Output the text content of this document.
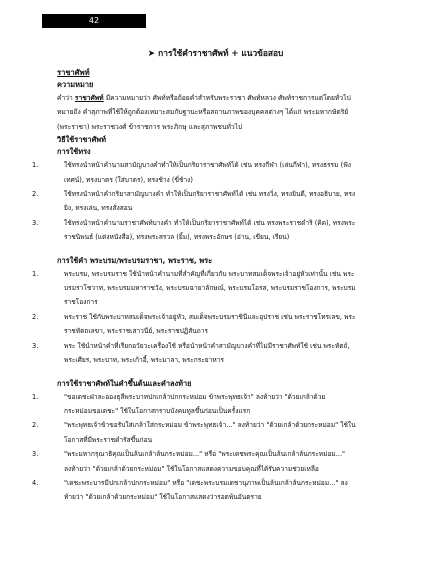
42
➤ การใช้คำราชาศัพท์ + แนวข้อสอบ
ราชาศัพท์
ความหมาย
คำว่า ราชาศัพท์ มีความหมายว่า ศัพท์หรือถ้อยคำสำหรับพระราชา ศัพท์หลวง ศัพท์ราชการแต่โดยทั่วไป
หมายถึง คำสุภาพที่ใช้ให้ถูกต้องเหมาะสมกับฐานะหรือสถานภาพของบุคคลต่างๆ ได้แก่ พระมหากษัตริย์
(พระราชา) พระราชวงศ์ ข้าราชการ พระภิกษุ และสุภาพชนทั่วไป
วิธีใช้ราชาศัพท์
การใช้ทรง
1.	ใช้ทรงนำหน้าคำนามสามัญบางคำทำให้เป็นกริยาราชาศัพท์ได้ เช่น ทรงกีฬา (เล่นกีฬา), ทรงธรรม (ฟัง
เทศน์), ทรงบาตร (ใส่บาตร), ทรงช้าง (ขี่ช้าง)
2.	ใช้ทรงนำหน้าคำกริยาสามัญบางคำ ทำให้เป็นกริยาราชาศัพท์ได้ เช่น ทรงวิ่ง, ทรงยินดี, ทรงอธิบาย, ทรง
ยิง, ทรงเล่น, ทรงสั่งสอน
3.	ใช้ทรงนำหน้าคำนามราชาศัพท์บางคำ ทำให้เป็นกริยาราชาศัพท์ได้ เช่น ทรงพระราชดำริ (คิด), ทรงพระ
ราชนิพนธ์ (แต่งหนังสือ), ทรงพระสรวล (ยิ้ม), ทรงพระอักษร (อ่าน, เขียน, เรียน)
การใช้คำ พระบรม/พระบรมราชา, พระราช, พระ
1.	พระบรม, พระบรมราช ใช้นำหน้าคำนามที่สำคัญที่เกี่ยวกับ พระบาทสมเด็จพระเจ้าอยู่หัวเท่านั้น เช่น พระ
บรมราโชวาท, พระบรมมหาราชวัง, พระบรมฉายาลักษณ์, พระบรมโอรส, พระบรมราชโองการ, พระบรม
ราชโองการ
2.	พระราช ใช้กับพระบาทสมเด็จพระเจ้าอยู่หัว, สมเด็จพระบรมราชินีและอุปราช เช่น พระราชโทรเลข, พระ
ราชหัตถเลขา, พระราชเสาวนีย์, พระราชปฏิสันถาร
3.	พระ ใช้นำหน้าคำที่เรียกอวัยวะเครื่องใช้ หรือนำหน้าคำสามัญบางคำที่ไม่มีราชาศัพท์ใช้ เช่น พระหัตถ์,
พระเศียร, พระบาท, พระเก้าอี้, พระมาลา, พระกระยาหาร
การใช้ราชาศัพท์ในคำขึ้นต้นและคำลงท้าย
1.	"ขอเดชะฝ่าละอองธุลีพระบาทปกเกล้าปกกระหม่อม ข้าพระพุทธเจ้า" ลงท้ายว่า "ด้วยเกล้าด้วย
กระหม่อมขอเดชะ" ใช้ในโอกาสกราบบังคมทูลขึ้นก่อนเป็นครั้งแรก
2.	"พระพุทธเจ้าข้าขอรับใส่เกล้าใส่กระหม่อม ข้าพระพุทธเจ้า..." ลงท้ายว่า "ด้วยเกล้าด้วยกระหม่อม" ใช้ใน
โอกาสที่มีพระราชดำรัสขึ้นก่อน
3.	"พระมหากรุณาธิคุณเป็นล้นเกล้าล้นกระหม่อม..." หรือ "พระเดชพระคุณเป็นล้นเกล้าล้นกระหม่อม..."
ลงท้ายว่า "ด้วยเกล้าด้วยกระหม่อม" ใช้ในโอกาสแสดงความขอบคุณที่ได้รับความช่วยเหลือ
4.	"เดชะพระบารมีปกเกล้าปกกระหม่อม" หรือ "เดชะพระบรมเดชานุภาพเป็นล้นเกล้าล้นกระหม่อม..." ลง
ท้ายว่า "ด้วยเกล้าด้วยกระหม่อม" ใช้ในโอกาสแสดงว่ารอดพ้นอันตราย
